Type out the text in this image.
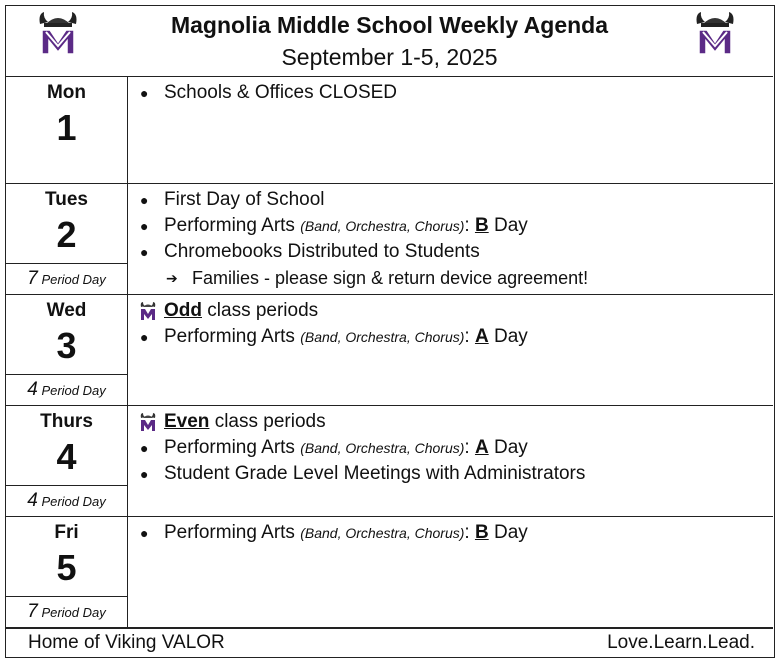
Magnolia Middle School Weekly Agenda
September 1-5, 2025
Mon
1
● Schools & Offices CLOSED
Tues
2
7 Period Day
● First Day of School
● Performing Arts (Band, Orchestra, Chorus): B Day
● Chromebooks Distributed to Students
➔ Families - please sign & return device agreement!
Wed
3
4 Period Day
Odd class periods
● Performing Arts (Band, Orchestra, Chorus): A Day
Thurs
4
4 Period Day
Even class periods
● Performing Arts (Band, Orchestra, Chorus): A Day
● Student Grade Level Meetings with Administrators
Fri
5
7 Period Day
● Performing Arts (Band, Orchestra, Chorus): B Day
Home of Viking VALOR	Love.Learn.Lead.
